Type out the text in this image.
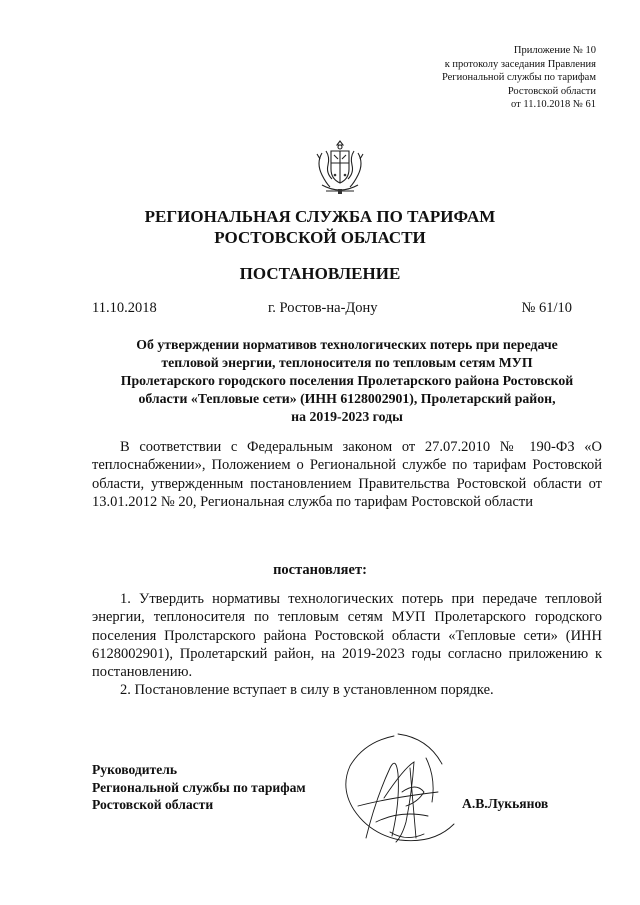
Приложение № 10
к протоколу заседания Правления
Региональной службы по тарифам
Ростовской области
от 11.10.2018 № 61
РЕГИОНАЛЬНАЯ СЛУЖБА ПО ТАРИФАМ
РОСТОВСКОЙ ОБЛАСТИ
ПОСТАНОВЛЕНИЕ
11.10.2018	г. Ростов-на-Дону	№ 61/10
Об утверждении нормативов технологических потерь при передаче
тепловой энергии, теплоносителя по тепловым сетям МУП
Пролетарского городского поселения Пролетарского района Ростовской
области «Тепловые сети» (ИНН 6128002901), Пролетарский район,
на 2019-2023 годы
В соответствии с Федеральным законом от 27.07.2010 № 190-ФЗ «О теплоснабжении», Положением о Региональной службе по тарифам Ростовской области, утвержденным постановлением Правительства Ростовской области от 13.01.2012 № 20, Региональная служба по тарифам Ростовской области
постановляет:

1. Утвердить нормативы технологических потерь при передаче тепловой энергии, теплоносителя по тепловым сетям МУП Пролетарского городского поселения Пролстарского района Ростовской области «Тепловые сети» (ИНН 6128002901), Пролетарский район, на 2019-2023 годы согласно приложению к постановлению.

2. Постановление вступает в силу в установленном порядке.

Руководитель
Региональной службы по тарифам
Ростовской области	А.В.Лукьянов
